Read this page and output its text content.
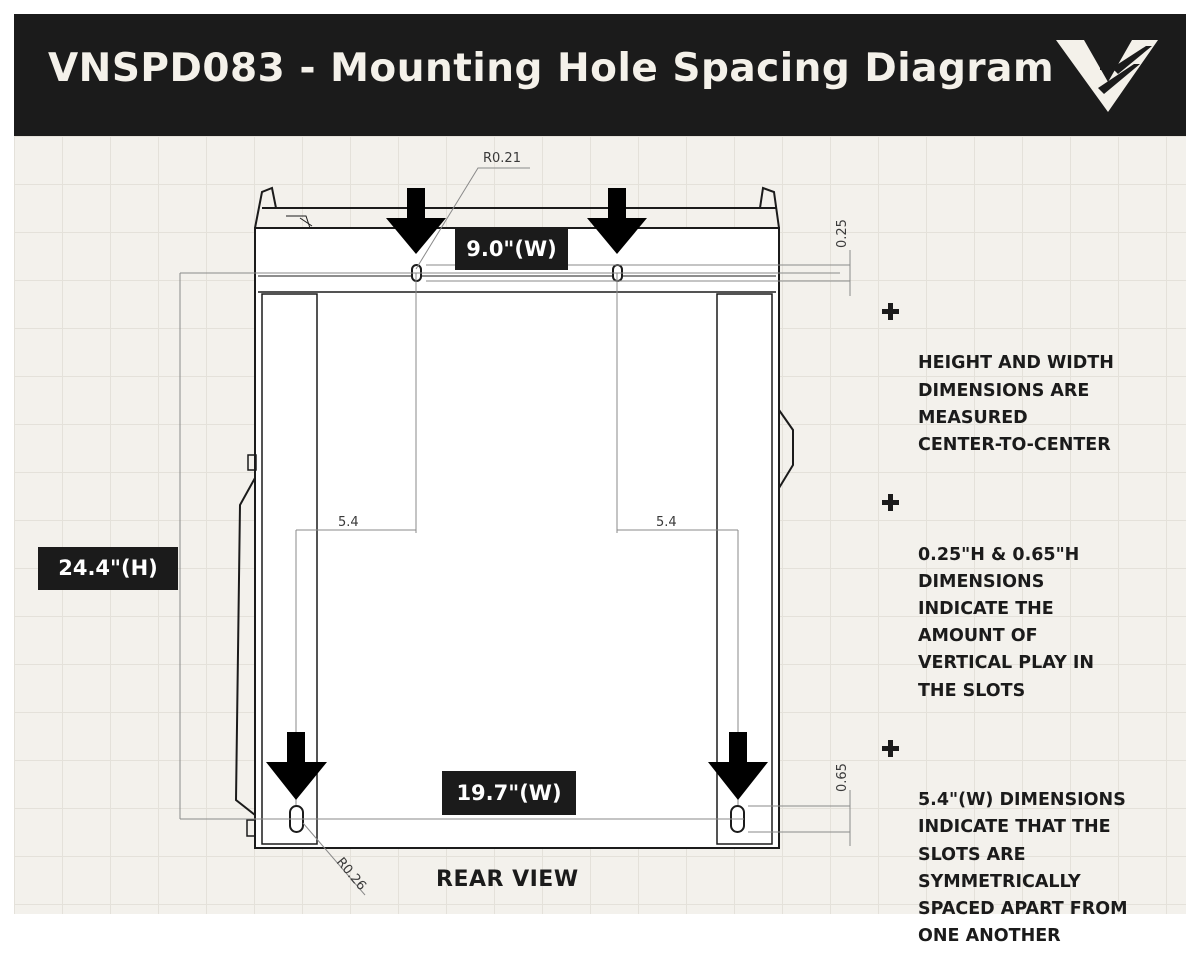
VNSPD083 - Mounting Hole Spacing Diagram
R0.21
5.4	5.4
0.25
0.65
R0.26
9.0"(W)
19.7"(W)
24.4"(H)
REAR VIEW

HEIGHT AND WIDTH
DIMENSIONS ARE
MEASURED
CENTER-TO-CENTER

0.25"H & 0.65"H
DIMENSIONS
INDICATE THE
AMOUNT OF
VERTICAL PLAY IN
THE SLOTS

5.4"(W) DIMENSIONS
INDICATE THAT THE
SLOTS ARE
SYMMETRICALLY
SPACED APART FROM
ONE ANOTHER
